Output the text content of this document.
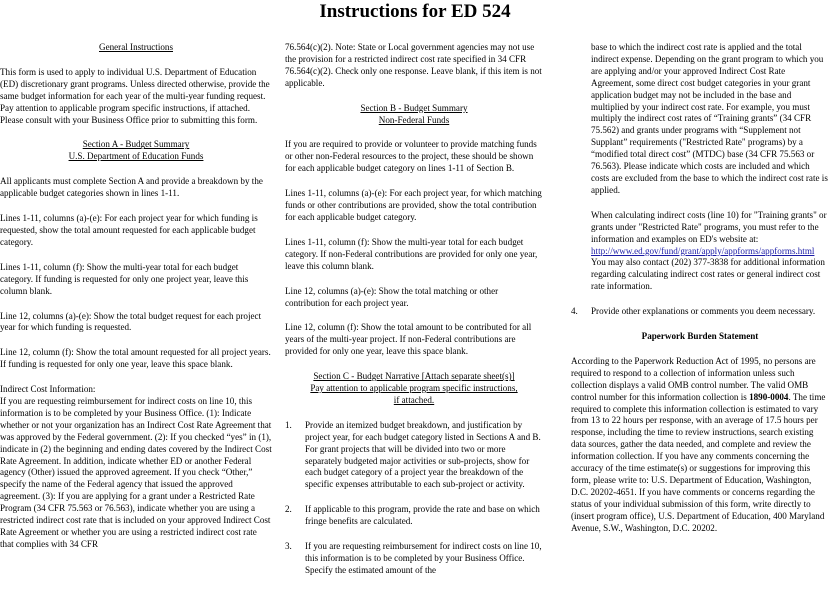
Instructions for ED 524
General Instructions

This form is used to apply to individual U.S. Department of Education (ED) discretionary grant programs. Unless directed otherwise, provide the same budget information for each year of the multi-year funding request. Pay attention to applicable program specific instructions, if attached. Please consult with your Business Office prior to submitting this form.

Section A - Budget Summary
U.S. Department of Education Funds

All applicants must complete Section A and provide a breakdown by the applicable budget categories shown in lines 1-11.

Lines 1-11, columns (a)-(e): For each project year for which funding is requested, show the total amount requested for each applicable budget category.

Lines 1-11, column (f): Show the multi-year total for each budget category. If funding is requested for only one project year, leave this column blank.

Line 12, columns (a)-(e): Show the total budget request for each project year for which funding is requested.

Line 12, column (f): Show the total amount requested for all project years. If funding is requested for only one year, leave this space blank.

Indirect Cost Information:

If you are requesting reimbursement for indirect costs on line 10, this information is to be completed by your Business Office. (1): Indicate whether or not your organization has an Indirect Cost Rate Agreement that was approved by the Federal government. (2): If you checked “yes” in (1), indicate in (2) the beginning and ending dates covered by the Indirect Cost Rate Agreement. In addition, indicate whether ED or another Federal agency (Other) issued the approved agreement. If you check “Other,” specify the name of the Federal agency that issued the approved agreement. (3): If you are applying for a grant under a Restricted Rate Program (34 CFR 75.563 or 76.563), indicate whether you are using a restricted indirect cost rate that is included on your approved Indirect Cost Rate Agreement or whether you are using a restricted indirect cost rate that complies with 34 CFR

76.564(c)(2). Note: State or Local government agencies may not use the provision for a restricted indirect cost rate specified in 34 CFR 76.564(c)(2). Check only one response. Leave blank, if this item is not applicable.

Section B - Budget Summary
Non-Federal Funds

If you are required to provide or volunteer to provide matching funds or other non-Federal resources to the project, these should be shown for each applicable budget category on lines 1-11 of Section B.

Lines 1-11, columns (a)-(e): For each project year, for which matching funds or other contributions are provided, show the total contribution for each applicable budget category.

Lines 1-11, column (f): Show the multi-year total for each budget category. If non-Federal contributions are provided for only one year, leave this column blank.

Line 12, columns (a)-(e): Show the total matching or other contribution for each project year.

Line 12, column (f): Show the total amount to be contributed for all years of the multi-year project. If non-Federal contributions are provided for only one year, leave this space blank.

Section C - Budget Narrative [Attach separate sheet(s)]
Pay attention to applicable program specific instructions,
if attached.
1.	Provide an itemized budget breakdown, and justification by project year, for each budget category listed in Sections A and B. For grant projects that will be divided into two or more separately budgeted major activities or sub-projects, show for each budget category of a project year the breakdown of the specific expenses attributable to each sub-project or activity.
2.	If applicable to this program, provide the rate and base on which fringe benefits are calculated.
3.	If you are requesting reimbursement for indirect costs on line 10, this information is to be completed by your Business Office. Specify the estimated amount of the

base to which the indirect cost rate is applied and the total indirect expense. Depending on the grant program to which you are applying and/or your approved Indirect Cost Rate Agreement, some direct cost budget categories in your grant application budget may not be included in the base and multiplied by your indirect cost rate. For example, you must multiply the indirect cost rates of “Training grants” (34 CFR 75.562) and grants under programs with “Supplement not Supplant” requirements ("Restricted Rate" programs) by a “modified total direct cost” (MTDC) base (34 CFR 75.563 or 76.563). Please indicate which costs are included and which costs are excluded from the base to which the indirect cost rate is applied.

When calculating indirect costs (line 10) for "Training grants" or grants under "Restricted Rate" programs, you must refer to the information and examples on ED's website at:

http://www.ed.gov/fund/grant/apply/appforms/appforms.html

You may also contact (202) 377-3838 for additional information regarding calculating indirect cost rates or general indirect cost rate information.

4.	Provide other explanations or comments you deem necessary.
Paperwork Burden Statement

According to the Paperwork Reduction Act of 1995, no persons are required to respond to a collection of information unless such collection displays a valid OMB control number. The valid OMB control number for this information collection is 1890-0004. The time required to complete this information collection is estimated to vary from 13 to 22 hours per response, with an average of 17.5 hours per response, including the time to review instructions, search existing data sources, gather the data needed, and complete and review the information collection. If you have any comments concerning the accuracy of the time estimate(s) or suggestions for improving this form, please write to: U.S. Department of Education, Washington, D.C. 20202-4651. If you have comments or concerns regarding the status of your individual submission of this form, write directly to (insert program office), U.S. Department of Education, 400 Maryland Avenue, S.W., Washington, D.C. 20202.
